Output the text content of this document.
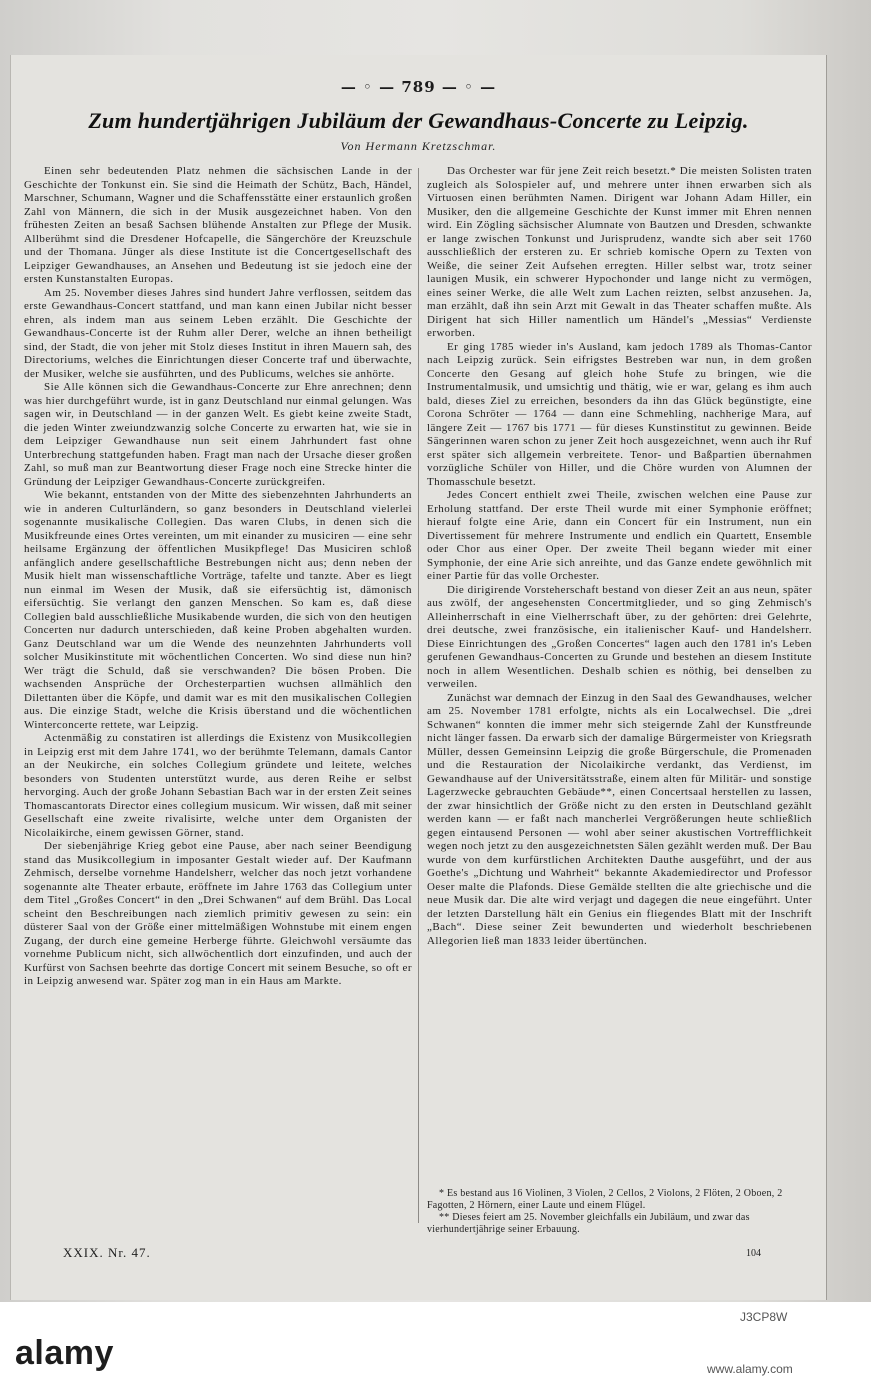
— ◦ — 789 — ◦ —
Zum hundertjährigen Jubiläum der Gewandhaus-Concerte zu Leipzig.
Von Hermann Kretzschmar.

Einen sehr bedeutenden Platz nehmen die sächsischen Lande in der Geschichte der Tonkunst ein. Sie sind die Heimath der Schütz, Bach, Händel, Marschner, Schumann, Wagner und die Schaffensstätte einer erstaunlich großen Zahl von Männern, die sich in der Musik ausgezeichnet haben. Von den frühesten Zeiten an besaß Sachsen blühende Anstalten zur Pflege der Musik. Allberühmt sind die Dresdener Hofcapelle, die Sängerchöre der Kreuzschule und der Thomana. Jünger als diese Institute ist die Concertgesellschaft des Leipziger Gewandhauses, an Ansehen und Bedeutung ist sie jedoch eine der ersten Kunstanstalten Europas.

Am 25. November dieses Jahres sind hundert Jahre verflossen, seitdem das erste Gewandhaus-Concert stattfand, und man kann einen Jubilar nicht besser ehren, als indem man aus seinem Leben erzählt. Die Geschichte der Gewandhaus-Concerte ist der Ruhm aller Derer, welche an ihnen betheiligt sind, der Stadt, die von jeher mit Stolz dieses Institut in ihren Mauern sah, des Directoriums, welches die Einrichtungen dieser Concerte traf und überwachte, der Musiker, welche sie ausführten, und des Publicums, welches sie anhörte.

Sie Alle können sich die Gewandhaus-Concerte zur Ehre anrechnen; denn was hier durchgeführt wurde, ist in ganz Deutschland nur einmal gelungen. Was sagen wir, in Deutschland — in der ganzen Welt. Es giebt keine zweite Stadt, die jeden Winter zweiundzwanzig solche Concerte zu erwarten hat, wie sie in dem Leipziger Gewandhause nun seit einem Jahrhundert fast ohne Unterbrechung stattgefunden haben. Fragt man nach der Ursache dieser großen Zahl, so muß man zur Beantwortung dieser Frage noch eine Strecke hinter die Gründung der Leipziger Gewandhaus-Concerte zurückgreifen.

Wie bekannt, entstanden von der Mitte des siebenzehnten Jahrhunderts an wie in anderen Culturländern, so ganz besonders in Deutschland vielerlei sogenannte musikalische Collegien. Das waren Clubs, in denen sich die Musikfreunde eines Ortes vereinten, um mit einander zu musiciren — eine sehr heilsame Ergänzung der öffentlichen Musikpflege! Das Musiciren schloß anfänglich andere gesellschaftliche Bestrebungen nicht aus; denn neben der Musik hielt man wissenschaftliche Vorträge, tafelte und tanzte. Aber es liegt nun einmal im Wesen der Musik, daß sie eifersüchtig ist, dämonisch eifersüchtig. Sie verlangt den ganzen Menschen. So kam es, daß diese Collegien bald ausschließliche Musikabende wurden, die sich von den heutigen Concerten nur dadurch unterschieden, daß keine Proben abgehalten wurden. Ganz Deutschland war um die Wende des neunzehnten Jahrhunderts voll solcher Musikinstitute mit wöchentlichen Concerten. Wo sind diese nun hin? Wer trägt die Schuld, daß sie verschwanden? Die bösen Proben. Die wachsenden Ansprüche der Orchesterpartien wuchsen allmählich den Dilettanten über die Köpfe, und damit war es mit den musikalischen Collegien aus. Die einzige Stadt, welche die Krisis überstand und die wöchentlichen Winterconcerte rettete, war Leipzig.

Actenmäßig zu constatiren ist allerdings die Existenz von Musikcollegien in Leipzig erst mit dem Jahre 1741, wo der berühmte Telemann, damals Cantor an der Neukirche, ein solches Collegium gründete und leitete, welches besonders von Studenten unterstützt wurde, aus deren Reihe er selbst hervorging. Auch der große Johann Sebastian Bach war in der ersten Zeit seines Thomascantorats Director eines collegium musicum. Wir wissen, daß mit seiner Gesellschaft eine zweite rivalisirte, welche unter dem Organisten der Nicolaikirche, einem gewissen Görner, stand.

Der siebenjährige Krieg gebot eine Pause, aber nach seiner Beendigung stand das Musikcollegium in imposanter Gestalt wieder auf. Der Kaufmann Zehmisch, derselbe vornehme Handelsherr, welcher das noch jetzt vorhandene sogenannte alte Theater erbaute, eröffnete im Jahre 1763 das Collegium unter dem Titel „Großes Concert“ in den „Drei Schwanen“ auf dem Brühl. Das Local scheint den Beschreibungen nach ziemlich primitiv gewesen zu sein: ein düsterer Saal von der Größe einer mittelmäßigen Wohnstube mit einem engen Zugang, der durch eine gemeine Herberge führte. Gleichwohl versäumte das vornehme Publicum nicht, sich allwöchentlich dort einzufinden, und auch der Kurfürst von Sachsen beehrte das dortige Concert mit seinem Besuche, so oft er in Leipzig anwesend war. Später zog man in ein Haus am Markte.

Das Orchester war für jene Zeit reich besetzt.* Die meisten Solisten traten zugleich als Solospieler auf, und mehrere unter ihnen erwarben sich als Virtuosen einen berühmten Namen. Dirigent war Johann Adam Hiller, ein Musiker, den die allgemeine Geschichte der Kunst immer mit Ehren nennen wird. Ein Zögling sächsischer Alumnate von Bautzen und Dresden, schwankte er lange zwischen Tonkunst und Jurisprudenz, wandte sich aber seit 1760 ausschließlich der ersteren zu. Er schrieb komische Opern zu Texten von Weiße, die seiner Zeit Aufsehen erregten. Hiller selbst war, trotz seiner launigen Musik, ein schwerer Hypochonder und lange nicht zu vermögen, eines seiner Werke, die alle Welt zum Lachen reizten, selbst anzusehen. Ja, man erzählt, daß ihn sein Arzt mit Gewalt in das Theater schaffen mußte. Als Dirigent hat sich Hiller namentlich um Händel's „Messias“ Verdienste erworben.

Er ging 1785 wieder in's Ausland, kam jedoch 1789 als Thomas-Cantor nach Leipzig zurück. Sein eifrigstes Bestreben war nun, in dem großen Concerte den Gesang auf gleich hohe Stufe zu bringen, wie die Instrumentalmusik, und umsichtig und thätig, wie er war, gelang es ihm auch bald, dieses Ziel zu erreichen, besonders da ihn das Glück begünstigte, eine Corona Schröter — 1764 — dann eine Schmehling, nachherige Mara, auf längere Zeit — 1767 bis 1771 — für dieses Kunstinstitut zu gewinnen. Beide Sängerinnen waren schon zu jener Zeit hoch ausgezeichnet, wenn auch ihr Ruf erst später sich allgemein verbreitete. Tenor- und Baßpartien übernahmen vorzügliche Schüler von Hiller, und die Chöre wurden von Alumnen der Thomasschule besetzt.

Jedes Concert enthielt zwei Theile, zwischen welchen eine Pause zur Erholung stattfand. Der erste Theil wurde mit einer Symphonie eröffnet; hierauf folgte eine Arie, dann ein Concert für ein Instrument, nun ein Divertissement für mehrere Instrumente und endlich ein Quartett, Ensemble oder Chor aus einer Oper. Der zweite Theil begann wieder mit einer Symphonie, der eine Arie sich anreihte, und das Ganze endete gewöhnlich mit einer Partie für das volle Orchester.

Die dirigirende Vorsteherschaft bestand von dieser Zeit an aus neun, später aus zwölf, der angesehensten Concertmitglieder, und so ging Zehmisch's Alleinherrschaft in eine Vielherrschaft über, zu der gehörten: drei Gelehrte, drei deutsche, zwei französische, ein italienischer Kauf- und Handelsherr. Diese Einrichtungen des „Großen Concertes“ lagen auch den 1781 in's Leben gerufenen Gewandhaus-Concerten zu Grunde und bestehen an diesem Institute noch in allem Wesentlichen. Deshalb schien es nöthig, bei denselben zu verweilen.

Zunächst war demnach der Einzug in den Saal des Gewandhauses, welcher am 25. November 1781 erfolgte, nichts als ein Localwechsel. Die „drei Schwanen“ konnten die immer mehr sich steigernde Zahl der Kunstfreunde nicht länger fassen. Da erwarb sich der damalige Bürgermeister von Kriegsrath Müller, dessen Gemeinsinn Leipzig die große Bürgerschule, die Promenaden und die Restauration der Nicolaikirche verdankt, das Verdienst, im Gewandhause auf der Universitätsstraße, einem alten für Militär- und sonstige Lagerzwecke gebrauchten Gebäude**, einen Concertsaal herstellen zu lassen, der zwar hinsichtlich der Größe nicht zu den ersten in Deutschland gezählt werden kann — er faßt nach mancherlei Vergrößerungen heute schließlich gegen eintausend Personen — wohl aber seiner akustischen Vortrefflichkeit wegen noch jetzt zu den ausgezeichnetsten Sälen gezählt werden muß. Der Bau wurde von dem kurfürstlichen Architekten Dauthe ausgeführt, und der aus Goethe's „Dichtung und Wahrheit“ bekannte Akademiedirector und Professor Oeser malte die Plafonds. Diese Gemälde stellten die alte griechische und die neue Musik dar. Die alte wird verjagt und dagegen die neue eingeführt. Unter der letzten Darstellung hält ein Genius ein fliegendes Blatt mit der Inschrift „Bach“. Diese seiner Zeit bewunderten und wiederholt beschriebenen Allegorien ließ man 1833 leider übertünchen.

* Es bestand aus 16 Violinen, 3 Violen, 2 Cellos, 2 Violons, 2 Flöten, 2 Oboen, 2 Fagotten, 2 Hörnern, einer Laute und einem Flügel.
** Dieses feiert am 25. November gleichfalls ein Jubiläum, und zwar das vierhundertjährige seiner Erbauung.
XXIX. Nr. 47.	104
alamy
J3CP8W
www.alamy.com
